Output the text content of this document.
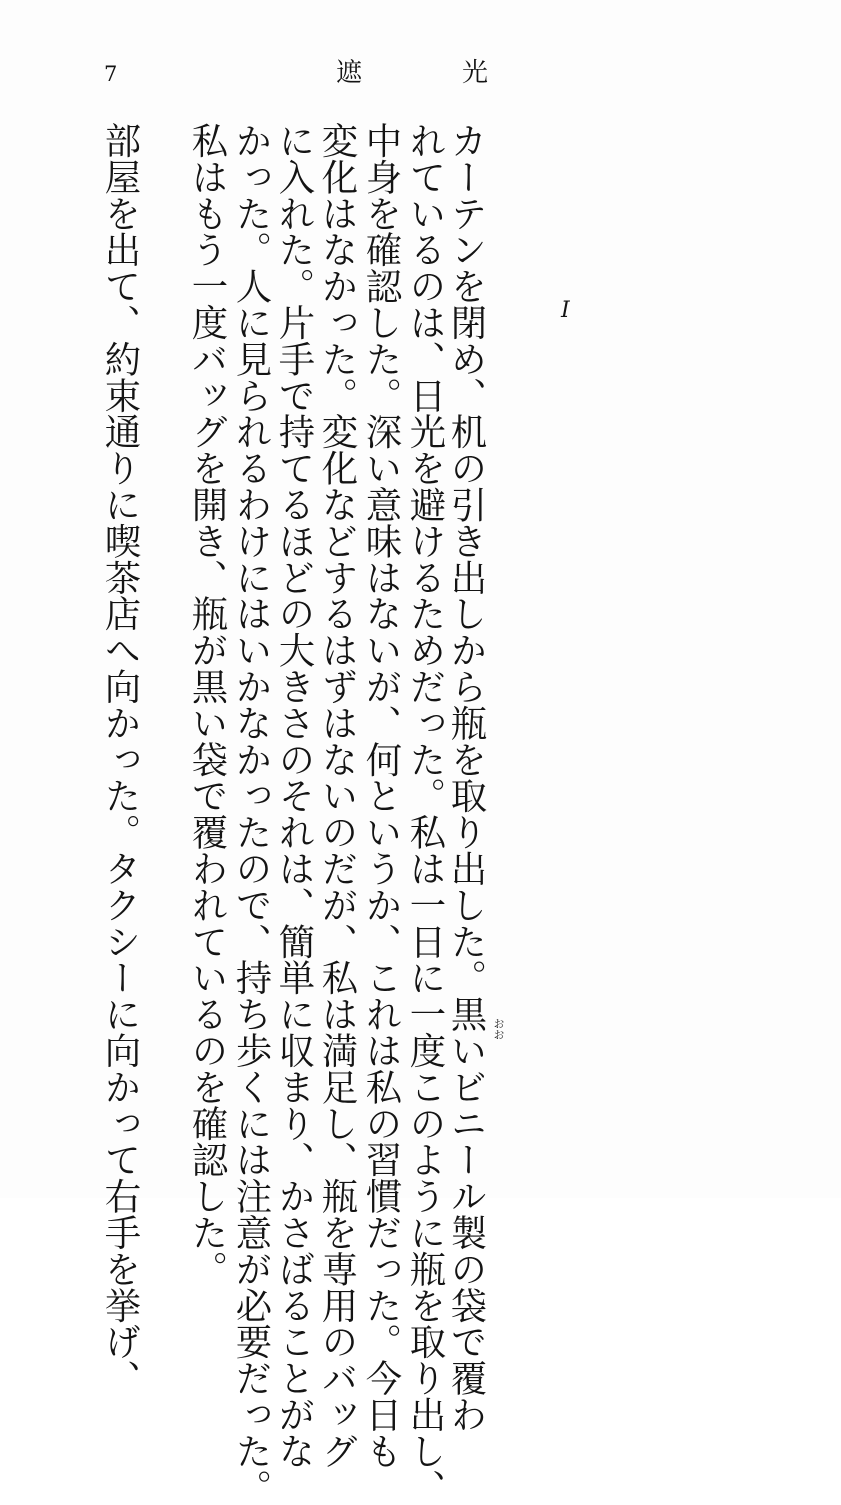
7	遮光
I
おお
カーテンを閉め、机の引き出しから瓶を取り出した。黒いビニール製の袋で覆わ
れているのは、日光を避けるためだった。私は一日に一度このように瓶を取り出し、
中身を確認した。深い意味はないが、何というか、これは私の習慣だった。今日も
変化はなかった。変化などするはずはないのだが、私は満足し、瓶を専用のバッグ
に入れた。片手で持てるほどの大きさのそれは、簡単に収まり、かさばることがな
かった。人に見られるわけにはいかなかったので、持ち歩くには注意が必要だった。
私はもう一度バッグを開き、瓶が黒い袋で覆われているのを確認した。
部屋を出て、約束通りに喫茶店へ向かった。タクシーに向かって右手を挙げ、
